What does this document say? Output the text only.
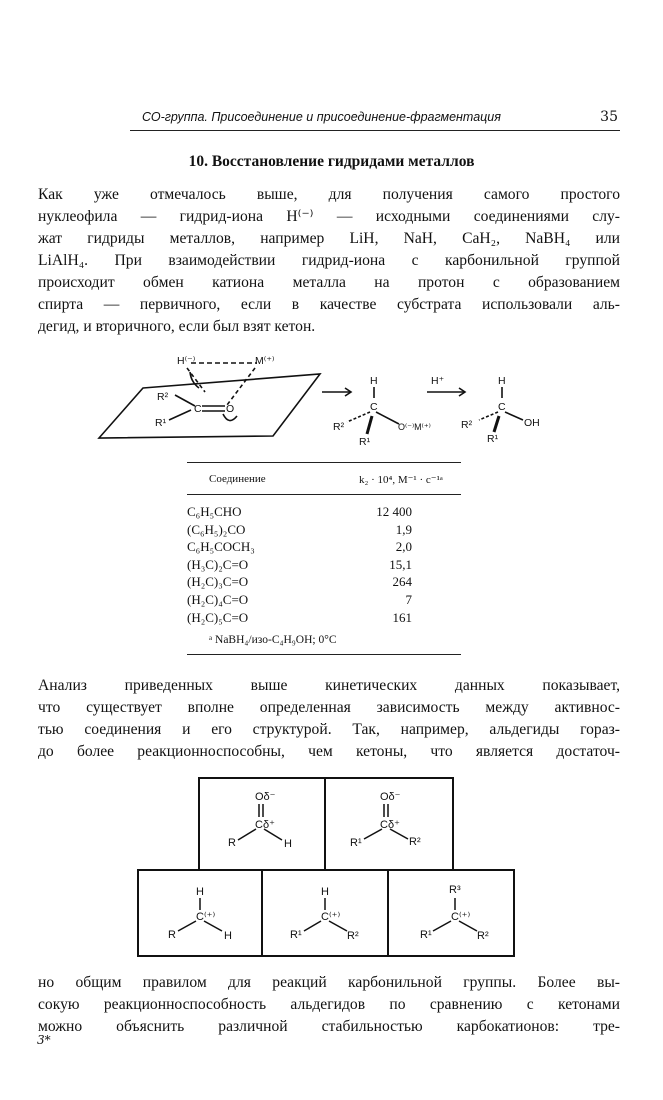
СО-группа. Присоединение и присоединение-фрагментация	35
10. Восстановление гидридами металлов
Как уже отмечалось выше, для получения самого простого
нуклеофила — гидрид-иона H⁽⁻⁾ — исходными соединениями слу-
жат гидриды металлов, например LiH, NaH, CaH₂, NaBH₄ или
LiAlH₄. При взаимодействии гидрид-иона с карбонильной группой
происходит обмен катиона металла на протон с образованием
спирта — первичного, если в качестве субстрата использовали аль-
дегид, и вторичного, если был взят кетон.
H⁽⁻⁾	M⁽⁺⁾
R²
R¹
C O
H
C
O⁽⁻⁾M⁽⁺⁾
R²
R¹
H⁺	H
C
OH
R²
R¹
Соединение	k₂ · 10⁴, M⁻¹ · c⁻¹ᵃ
C₆H₅CHO	12 400
(C₆H₅)₂CO	1,9
C₆H₅COCH₃	2,0
(H₃C)₂C=O	15,1
(H₂C)₃C=O	264
(H₂C)₄C=O	7
(H₂C)₅C=O	161
ᵃ NaBH₄/изо-C₄H₉OH; 0°C
Анализ приведенных выше кинетических данных показывает,
что существует вполне определенная зависимость между активнос-
тью соединения и его структурой. Так, например, альдегиды гораз-
до более реакционноспособны, чем кетоны, что является достаточ-
Oδ⁻
Cδ⁺
R	H
Oδ⁻
Cδ⁺
R¹	R²
H
C⁽⁺⁾
R	H
H
C⁽⁺⁾
R¹	R²
R³
C⁽⁺⁾
R¹	R²
но общим правилом для реакций карбонильной группы. Более вы-
сокую реакционноспособность альдегидов по сравнению с кетонами
можно объяснить различной стабильностью карбокатионов: тре-
3*
